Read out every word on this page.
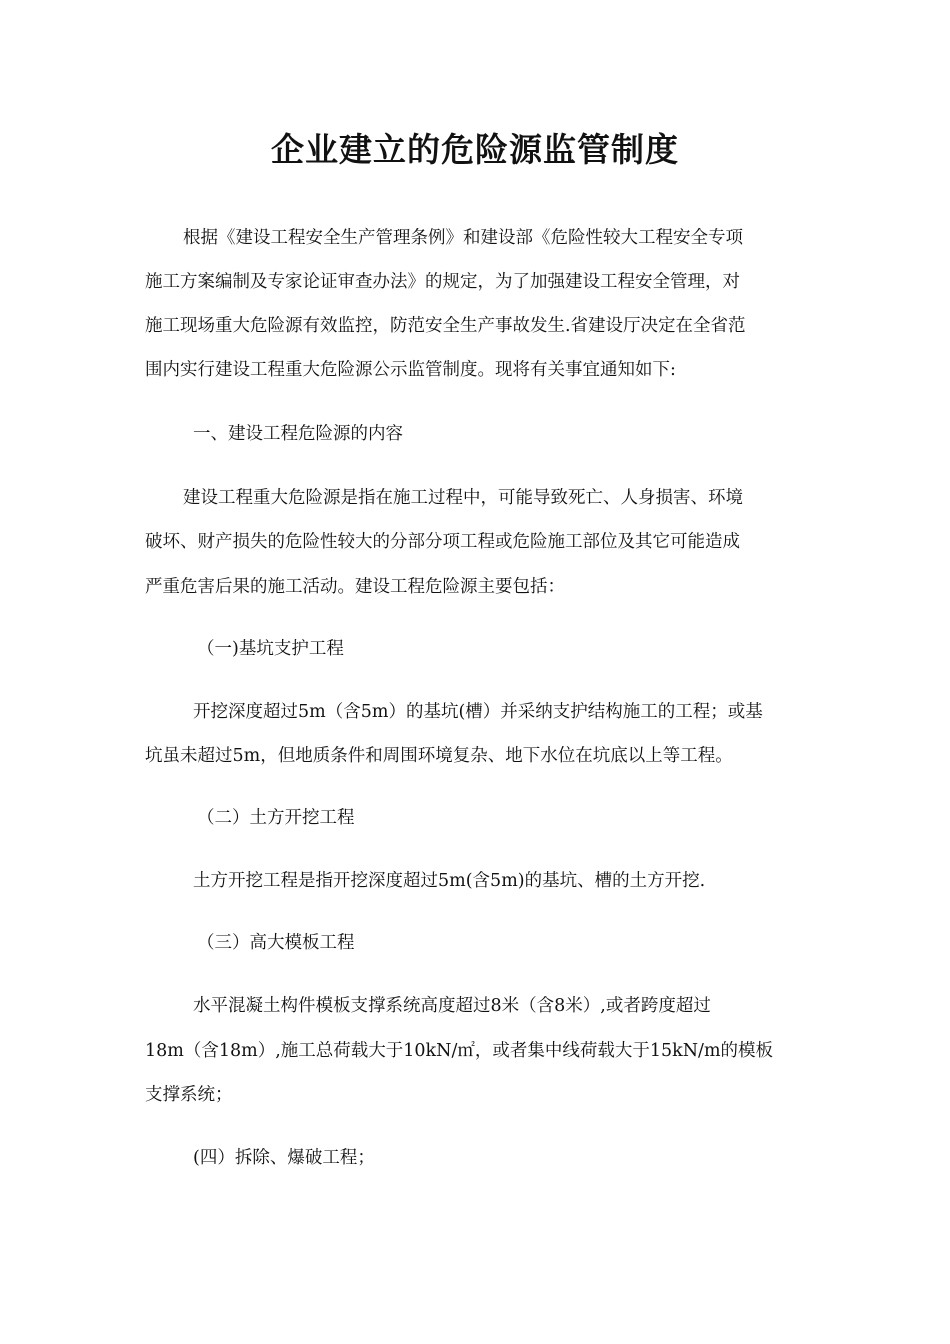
企业建立的危险源监管制度

根据《建设工程安全生产管理条例》和建设部《危险性较大工程安全专项

施工方案编制及专家论证审查办法》的规定，为了加强建设工程安全管理，对

施工现场重大危险源有效监控，防范安全生产事故发生.省建设厅决定在全省范

围内实行建设工程重大危险源公示监管制度。现将有关事宜通知如下:

一、建设工程危险源的内容

建设工程重大危险源是指在施工过程中，可能导致死亡、人身损害、环境

破坏、财产损失的危险性较大的分部分项工程或危险施工部位及其它可能造成

严重危害后果的施工活动。建设工程危险源主要包括：

（一)基坑支护工程

开挖深度超过5m（含5m）的基坑(槽）并采纳支护结构施工的工程；或基

坑虽未超过5m，但地质条件和周围环境复杂、地下水位在坑底以上等工程。

（二）土方开挖工程

土方开挖工程是指开挖深度超过5m(含5m)的基坑、槽的土方开挖.

（三）高大模板工程

水平混凝土构件模板支撑系统高度超过8米（含8米）,或者跨度超过

18m（含18m）,施工总荷载大于10kN/㎡，或者集中线荷载大于15kN/m的模板

支撑系统；

(四）拆除、爆破工程；
